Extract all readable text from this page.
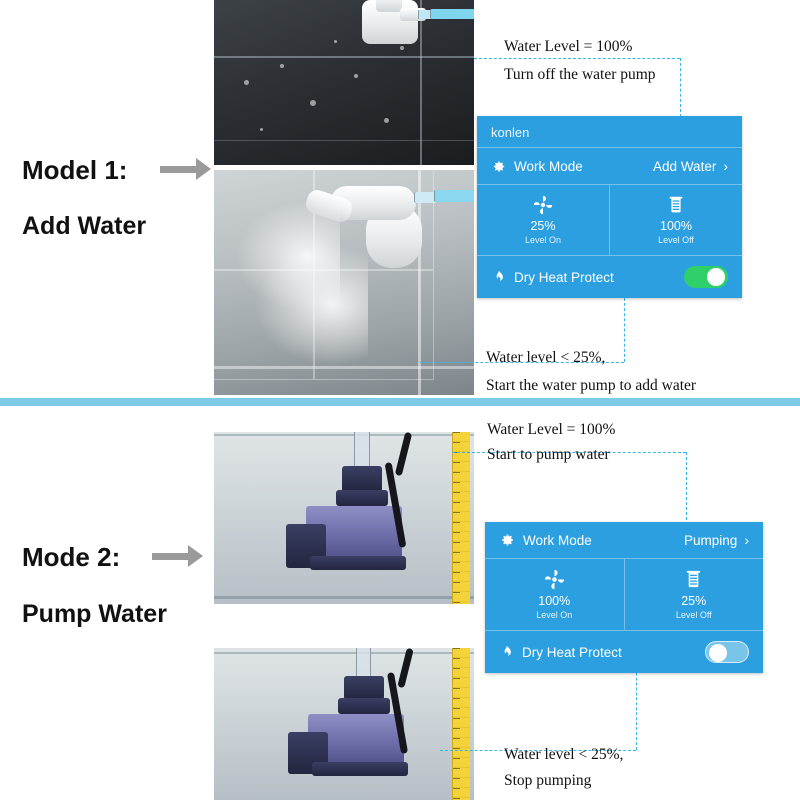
Model 1:
Add Water
Water Level = 100%
Turn off the water pump
Water level < 25%,
Start the water pump to add water
konlen
Work Mode	Add Water ›
25%
Level On
100%
Level Off
Dry Heat Protect
Mode 2:
Pump Water
Water Level = 100%
Start to pump water
Water level < 25%,
Stop pumping
Work Mode	Pumping ›
100%
Level On
25%
Level Off
Dry Heat Protect
